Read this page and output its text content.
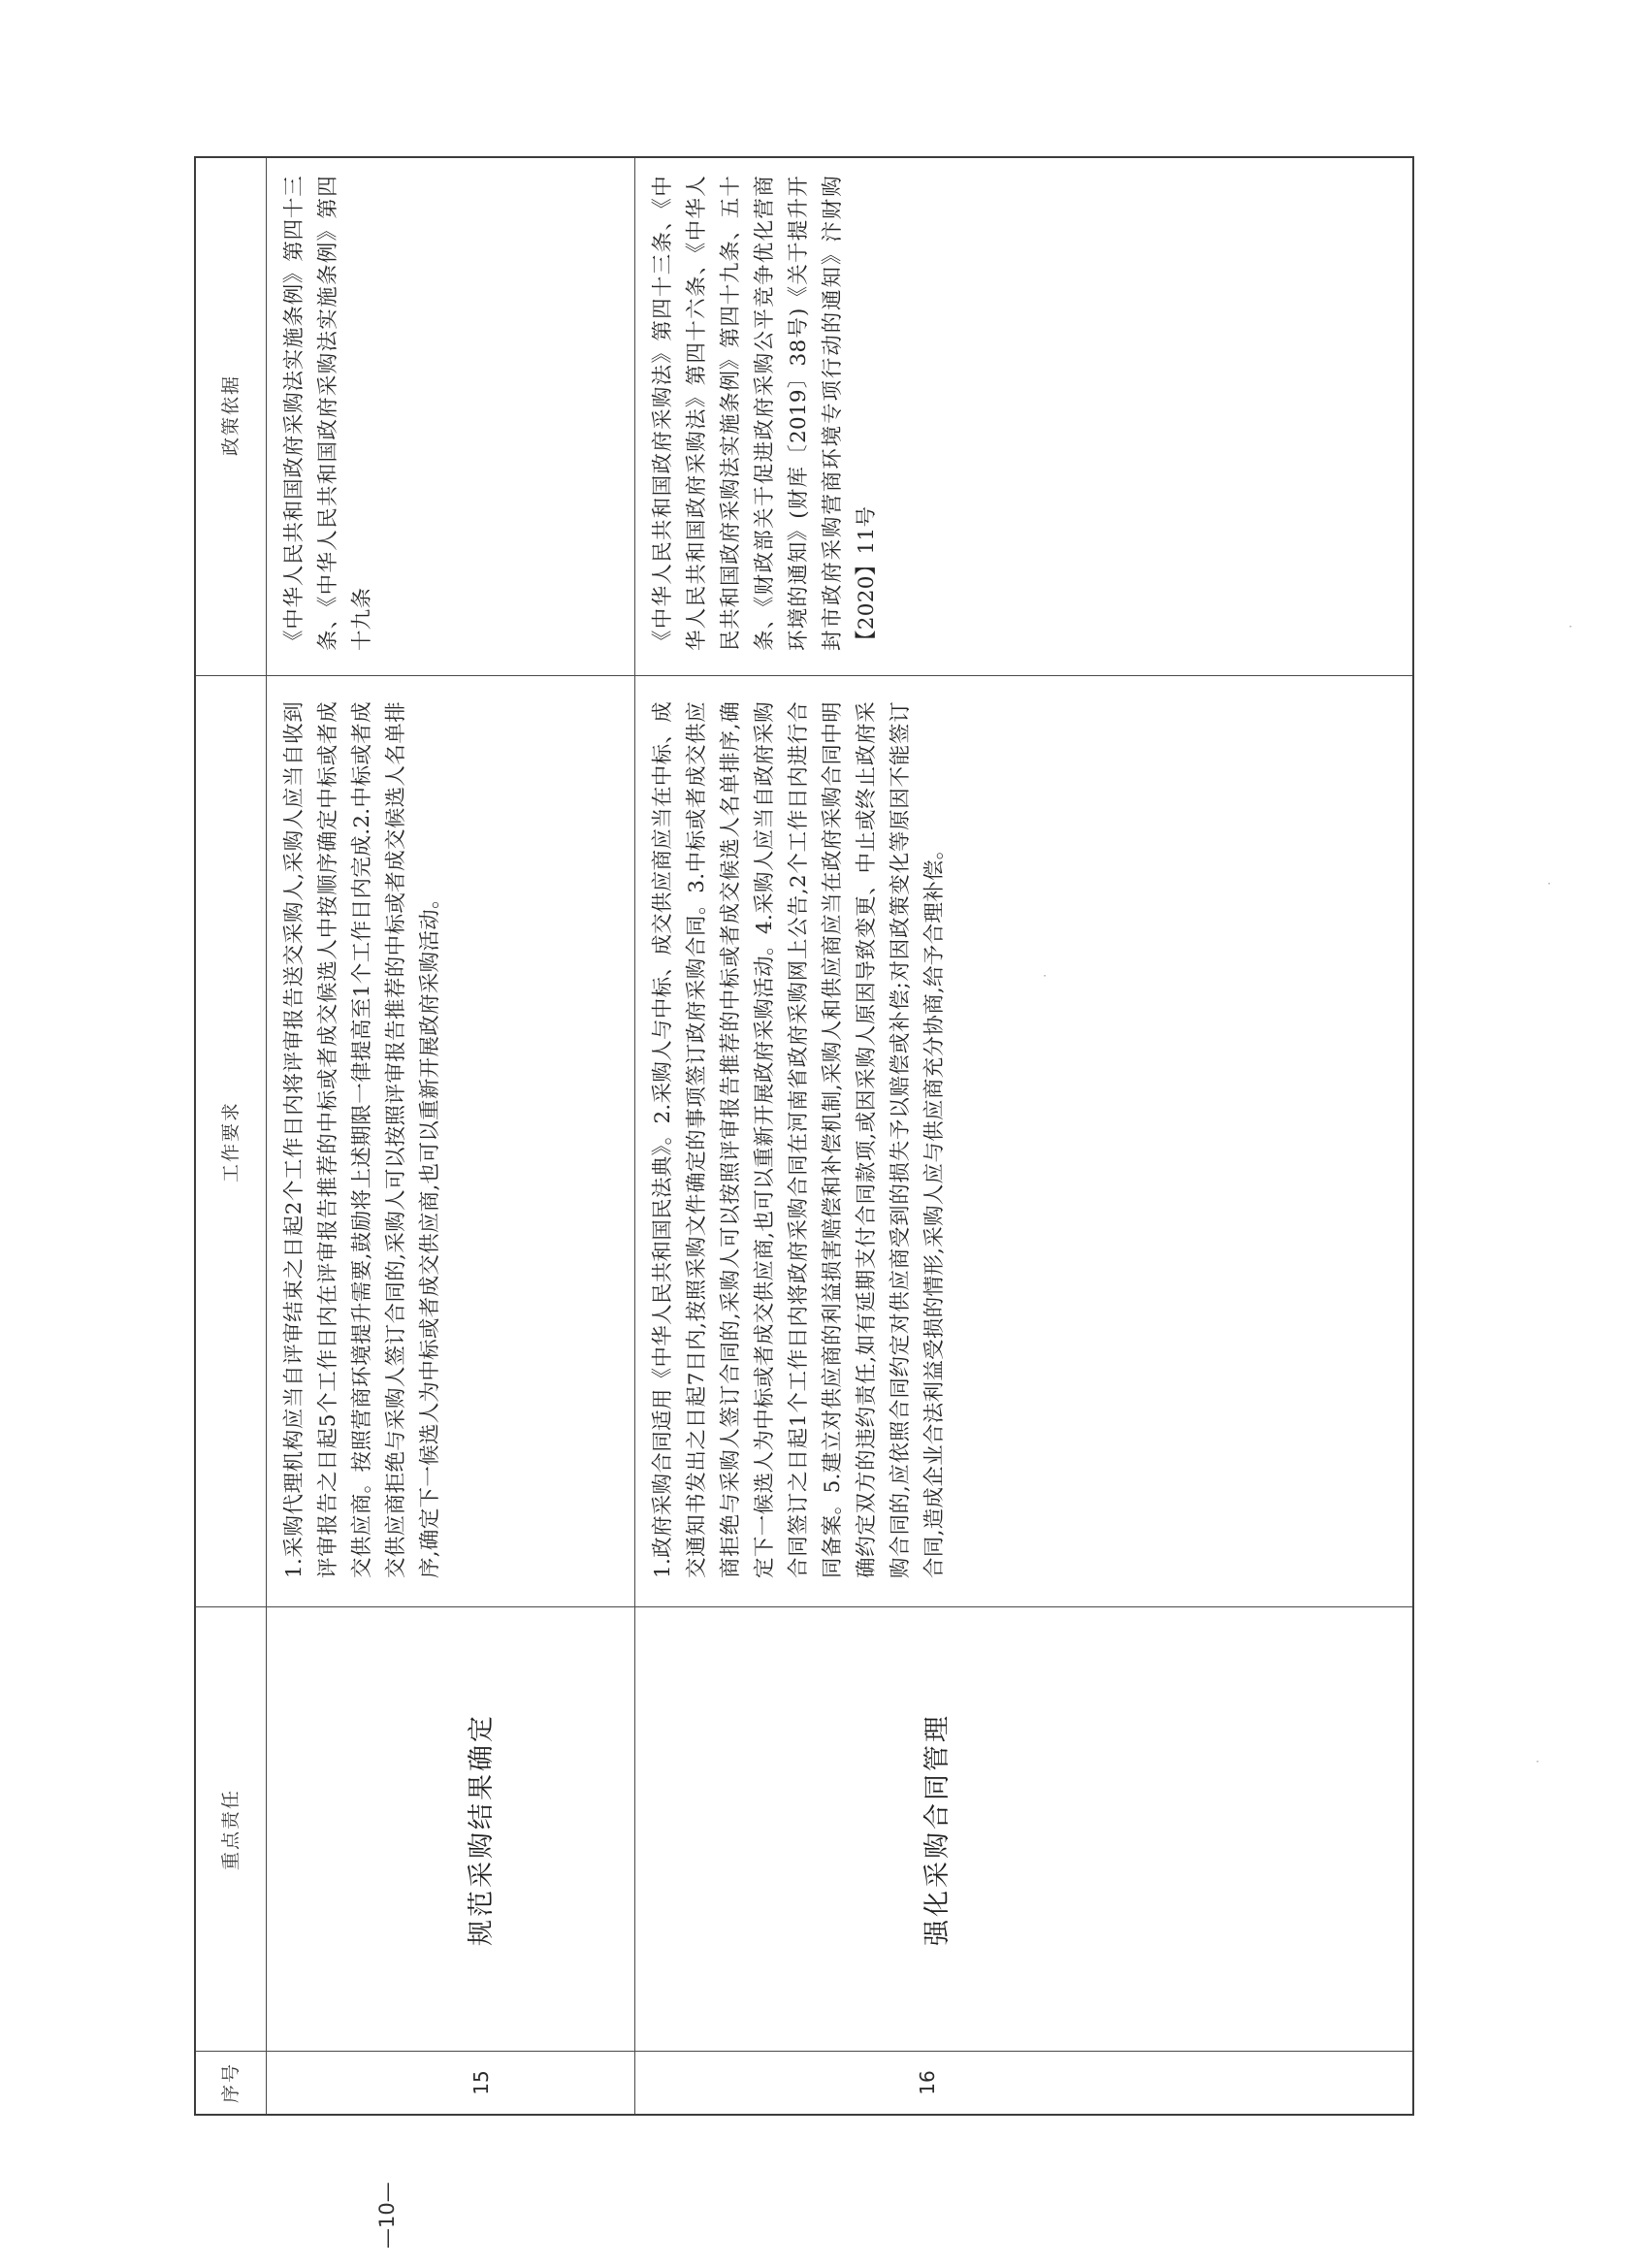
序号
重点责任
工作要求
政策依据
15
规范采购结果确定
1.采购代理机构应当自评审结束之日起2个工作日内将评审报告送交采购人,采购人应当自收到评审报告之日起5个工作日内在评审报告推荐的中标或者成交候选人中按顺序确定中标或者成交供应商。按照营商环境提升需要,鼓励将上述期限一律提高至1个工作日内完成.2.中标或者成交供应商拒绝与采购人签订合同的,采购人可以按照评审报告推荐的中标或者成交候选人名单排序,确定下一候选人为中标或者成交供应商,也可以重新开展政府采购活动。
《中华人民共和国政府采购法实施条例》第四十三条、《中华人民共和国政府采购法实施条例》第四十九条
16
强化采购合同管理
1.政府采购合同适用《中华人民共和国民法典》。2.采购人与中标、成交供应商应当在中标、成交通知书发出之日起7日内,按照采购文件确定的事项签订政府采购合同。3.中标或者成交供应商拒绝与采购人签订合同的,采购人可以按照评审报告推荐的中标或者成交候选人名单排序,确定下一候选人为中标或者成交供应商,也可以重新开展政府采购活动。4.采购人应当自政府采购合同签订之日起1个工作日内将政府采购合同在河南省政府采购网上公告,2个工作日内进行合同备案。5.建立对供应商的利益损害赔偿和补偿机制,采购人和供应商应当在政府采购合同中明确约定双方的违约责任,如有延期支付合同款项,或因采购人原因导致变更、中止或终止政府采购合同的,应依照合同约定对供应商受到的损失予以赔偿或补偿;对因政策变化等原因不能签订合同,造成企业合法利益受损的情形,采购人应与供应商充分协商,给予合理补偿。
《中华人民共和国政府采购法》第四十三条、《中华人民共和国政府采购法》第四十六条、《中华人民共和国政府采购法实施条例》第四十九条、五十条、《财政部关于促进政府采购公平竞争优化营商环境的通知》(财库〔2019〕38号)《关于提升开封市政府采购营商环境专项行动的通知》汴财购【2020】11号
—10—
·
·
·
·
